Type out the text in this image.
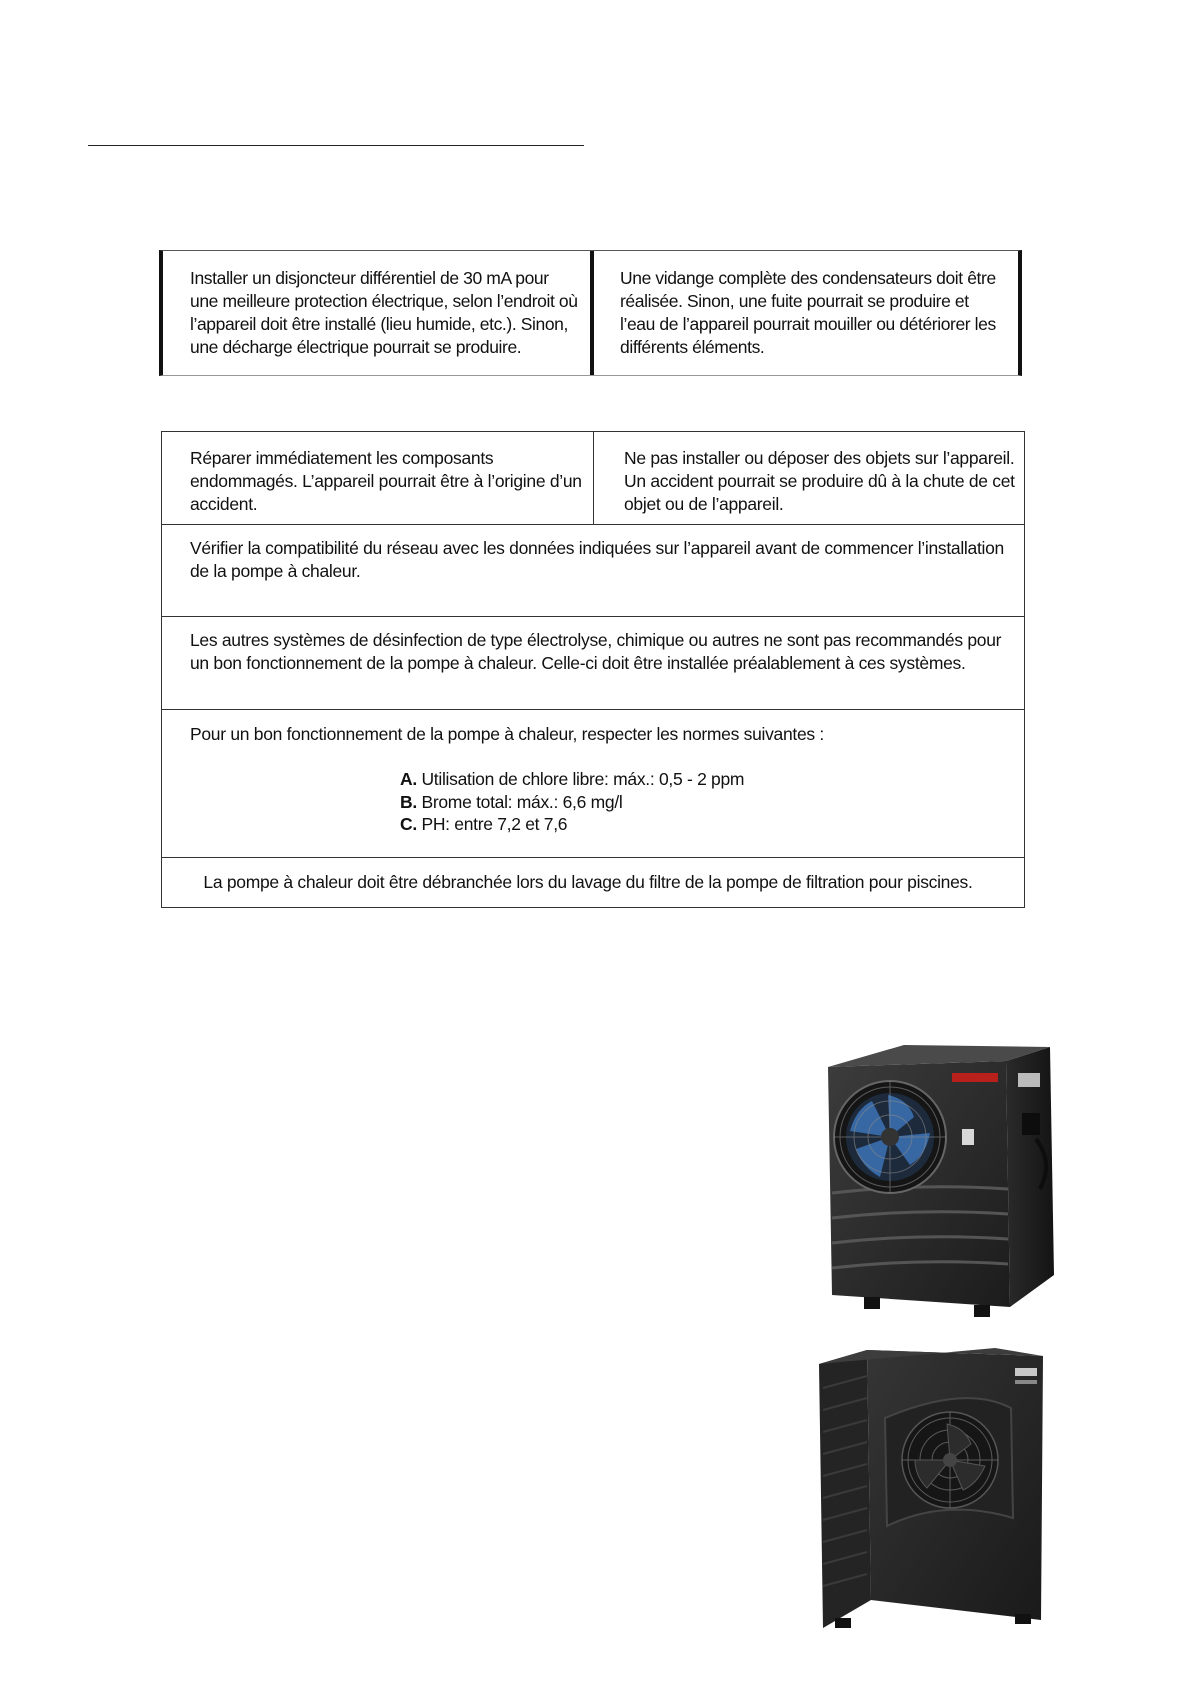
Installer un disjoncteur différentiel de 30 mA pour une meilleure protection électrique, selon l’endroit où l’appareil doit être installé (lieu humide, etc.). Sinon, une décharge électrique pourrait se produire.
Une vidange complète des condensateurs doit être réalisée. Sinon, une fuite pourrait se produire et l’eau de l’appareil pourrait mouiller ou détériorer les différents éléments.
Réparer immédiatement les composants endommagés. L’appareil pourrait être à l’origine d’un accident.
Ne pas installer ou déposer des objets sur l’appareil. Un accident pourrait se produire dû à la chute de cet objet ou de l’appareil.
Vérifier la compatibilité du réseau avec les données indiquées sur l’appareil avant de commencer l’installation de la pompe à chaleur.
Les autres systèmes de désinfection de type électrolyse, chimique ou autres ne sont pas recommandés pour un bon fonctionnement de la pompe à chaleur. Celle-ci doit être installée préalablement à ces systèmes.
Pour un bon fonctionnement de la pompe à chaleur, respecter les normes suivantes :
A. Utilisation de chlore libre: máx.: 0,5 - 2 ppm
B. Brome total: máx.: 6,6 mg/l
C. PH: entre 7,2 et 7,6
La pompe à chaleur doit être débranchée lors du lavage du filtre de la pompe de filtration pour piscines.
